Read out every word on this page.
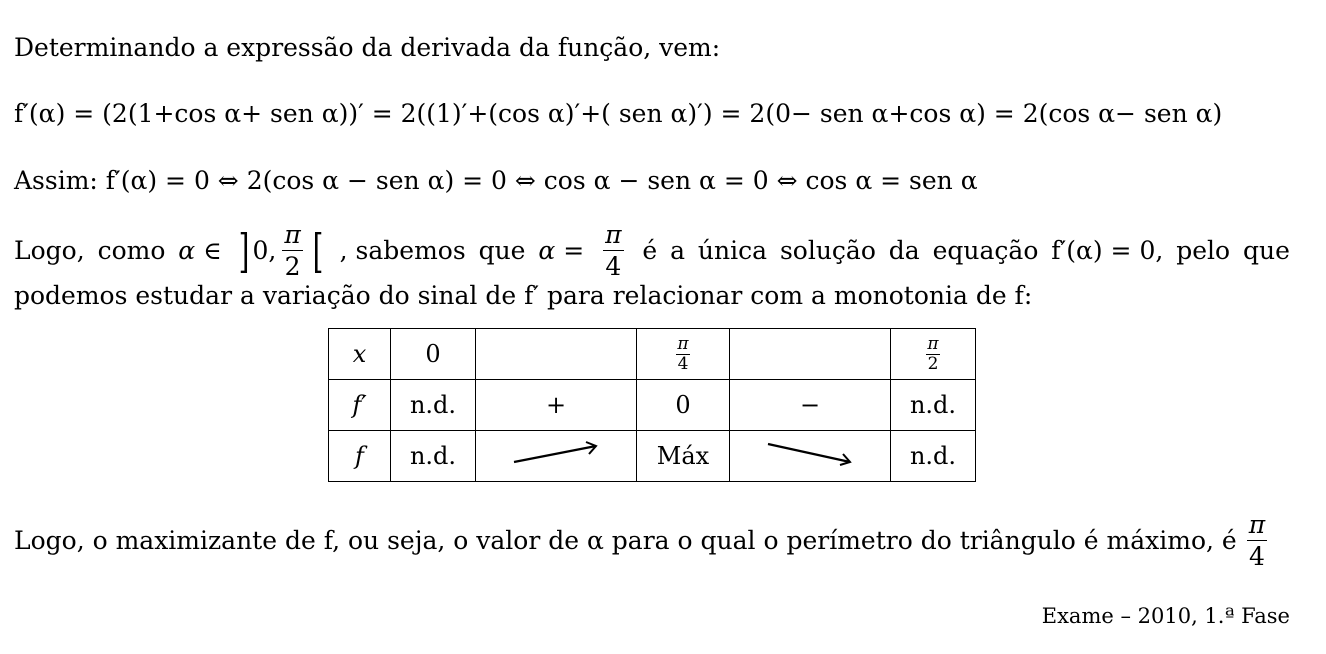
Determinando a expressão da derivada da função, vem:
f′(α) = (2(1+cos α+ sen α))′ = 2((1)′+(cos α)′+( sen α)′) = 2(0− sen α+cos α) = 2(cos α− sen α)
Assim: f′(α) = 0 ⇔ 2(cos α − sen α) = 0 ⇔ cos α − sen α = 0 ⇔ cos α = sen α
Logo, como α ∈ ] 0, $\frac{\pi}{2}$ [ , sabemos que $\alpha = \frac{\pi}{4}$ é a única solução da equação f′(α) = 0, pelo que
podemos estudar a variação do sinal de f′ para relacionar com a monotonia de f:
x	0		$\frac{\pi}{4}$		$\frac{\pi}{2}$

f′	n.d.	+	0	−	n.d.
f	n.d.		Máx		n.d.
Logo, o maximizante de f, ou seja, o valor de α para o qual o perímetro do triângulo é máximo, é $\frac{\pi}{4}$
Exame – 2010, 1.ª Fase
